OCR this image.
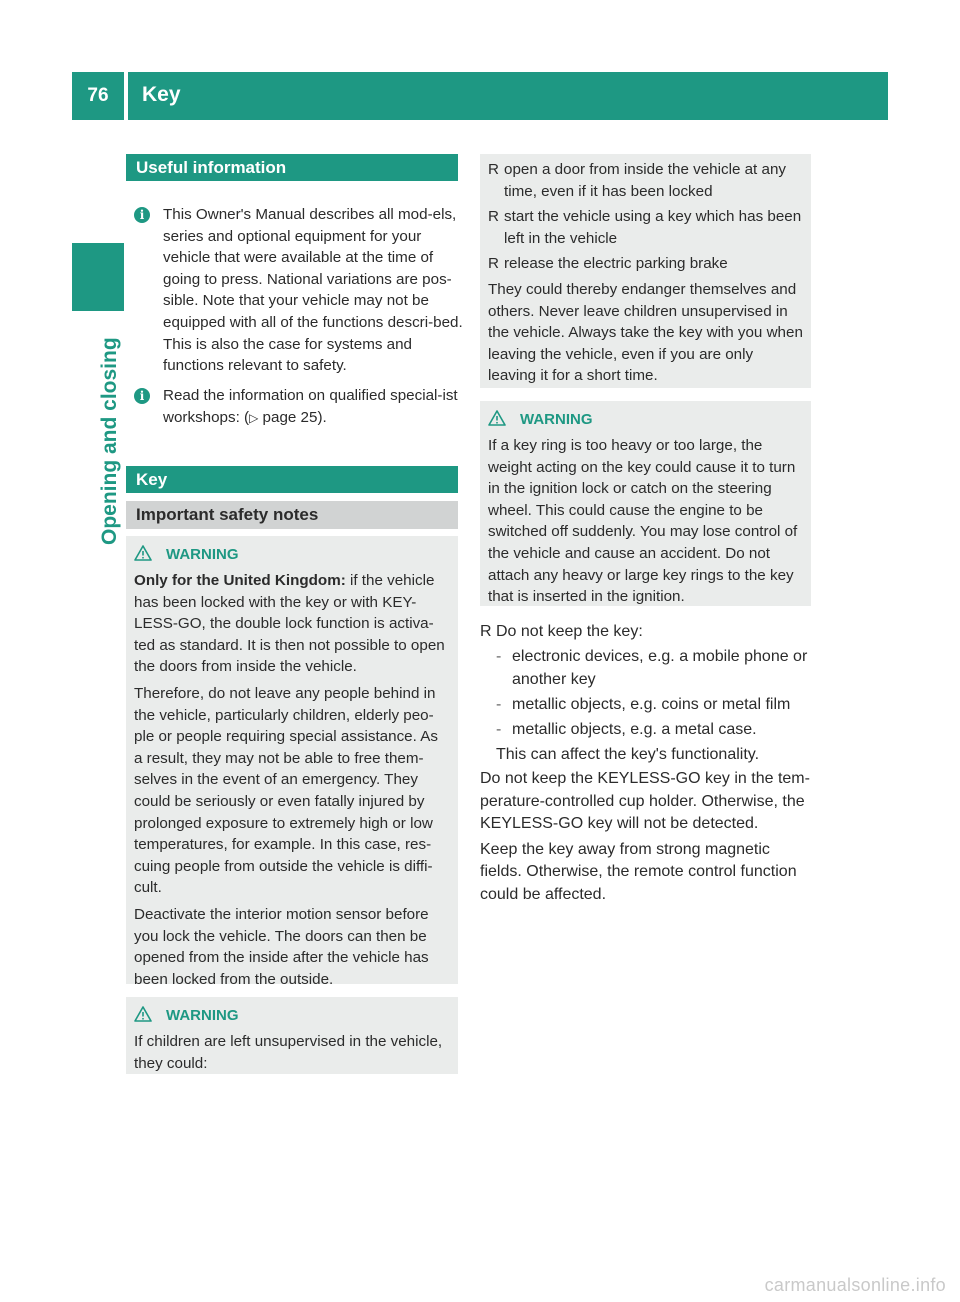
76	Key
Opening and closing
Useful information
i	This Owner's Manual describes all mod-els, series and optional equipment for your vehicle that were available at the time of going to press. National variations are pos-sible. Note that your vehicle may not be equipped with all of the functions descri-bed. This is also the case for systems and functions relevant to safety.

i	Read the information on qualified special-ist workshops: (▷ page 25).

Key
Important safety notes
WARNING

Only for the United Kingdom: if the vehicle has been locked with the key or with KEY-LESS-GO, the double lock function is activa-ted as standard. It is then not possible to open the doors from inside the vehicle.

Therefore, do not leave any people behind in the vehicle, particularly children, elderly peo-ple or people requiring special assistance. As a result, they may not be able to free them-selves in the event of an emergency. They could be seriously or even fatally injured by prolonged exposure to extremely high or low temperatures, for example. In this case, res-cuing people from outside the vehicle is diffi-cult.

Deactivate the interior motion sensor before you lock the vehicle. The doors can then be opened from the inside after the vehicle has been locked from the outside.

WARNING

If children are left unsupervised in the vehicle, they could:

R open a door from inside the vehicle at any time, even if it has been locked
R start the vehicle using a key which has been left in the vehicle
R release the electric parking brake

They could thereby endanger themselves and others. Never leave children unsupervised in the vehicle. Always take the key with you when leaving the vehicle, even if you are only leaving it for a short time.

WARNING

If a key ring is too heavy or too large, the weight acting on the key could cause it to turn in the ignition lock or catch on the steering wheel. This could cause the engine to be switched off suddenly. You may lose control of the vehicle and cause an accident. Do not attach any heavy or large key rings to the key that is inserted in the ignition.

R Do not keep the key:
- electronic devices, e.g. a mobile phone or another key
- metallic objects, e.g. coins or metal film
- metallic objects, e.g. a metal case.

This can affect the key's functionality.

Do not keep the KEYLESS-GO key in the tem-perature-controlled cup holder. Otherwise, the KEYLESS-GO key will not be detected.

Keep the key away from strong magnetic fields. Otherwise, the remote control function could be affected.

carmanualsonline.info
